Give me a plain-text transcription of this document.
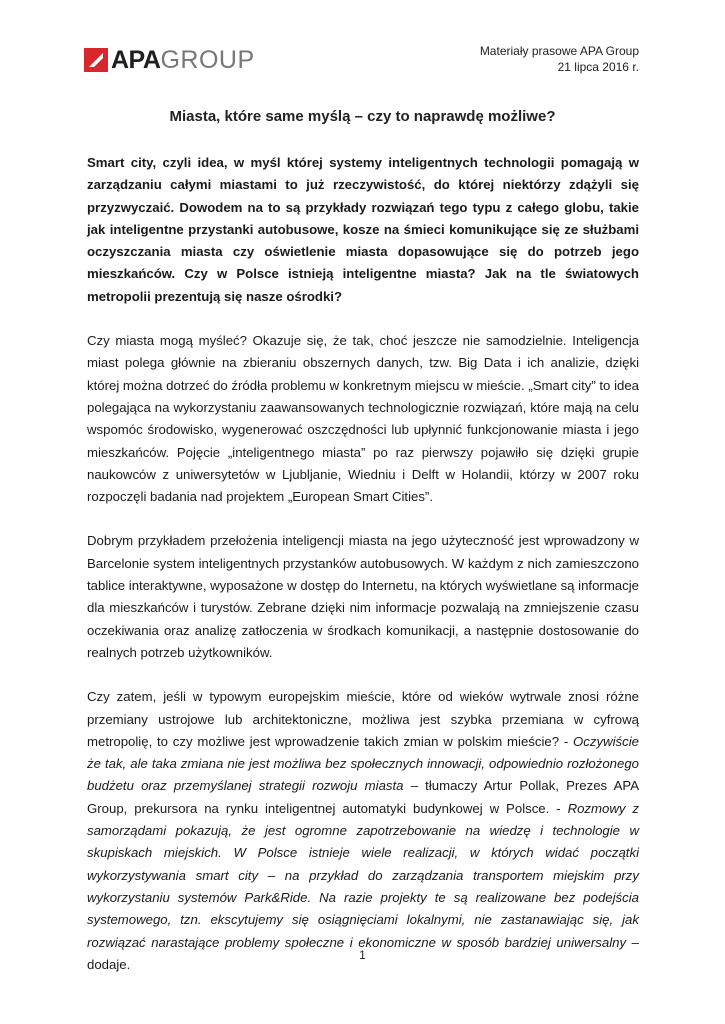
APAGROUP	Materiały prasowe APA Group
21 lipca 2016 r.
Miasta, które same myślą – czy to naprawdę możliwe?

Smart city, czyli idea, w myśl której systemy inteligentnych technologii pomagają w zarządzaniu całymi miastami to już rzeczywistość, do której niektórzy zdążyli się przyzwyczaić. Dowodem na to są przykłady rozwiązań tego typu z całego globu, takie jak inteligentne przystanki autobusowe, kosze na śmieci komunikujące się ze służbami oczyszczania miasta czy oświetlenie miasta dopasowujące się do potrzeb jego mieszkańców. Czy w Polsce istnieją inteligentne miasta? Jak na tle światowych metropolii prezentują się nasze ośrodki?

Czy miasta mogą myśleć? Okazuje się, że tak, choć jeszcze nie samodzielnie. Inteligencja miast polega głównie na zbieraniu obszernych danych, tzw. Big Data i ich analizie, dzięki której można dotrzeć do źródła problemu w konkretnym miejscu w mieście. „Smart city” to idea polegająca na wykorzystaniu zaawansowanych technologicznie rozwiązań, które mają na celu wspomóc środowisko, wygenerować oszczędności lub upłynnić funkcjonowanie miasta i jego mieszkańców. Pojęcie „inteligentnego miasta” po raz pierwszy pojawiło się dzięki grupie naukowców z uniwersytetów w Ljubljanie, Wiedniu i Delft w Holandii, którzy w 2007 roku rozpoczęli badania nad projektem „European Smart Cities”.

Dobrym przykładem przełożenia inteligencji miasta na jego użyteczność jest wprowadzony w Barcelonie system inteligentnych przystanków autobusowych. W każdym z nich zamieszczono tablice interaktywne, wyposażone w dostęp do Internetu, na których wyświetlane są informacje dla mieszkańców i turystów. Zebrane dzięki nim informacje pozwalają na zmniejszenie czasu oczekiwania oraz analizę zatłoczenia w środkach komunikacji, a następnie dostosowanie do realnych potrzeb użytkowników.

Czy zatem, jeśli w typowym europejskim mieście, które od wieków wytrwale znosi różne przemiany ustrojowe lub architektoniczne, możliwa jest szybka przemiana w cyfrową metropolię, to czy możliwe jest wprowadzenie takich zmian w polskim mieście? - Oczywiście że tak, ale taka zmiana nie jest możliwa bez społecznych innowacji, odpowiednio rozłożonego budżetu oraz przemyślanej strategii rozwoju miasta – tłumaczy Artur Pollak, Prezes APA Group, prekursora na rynku inteligentnej automatyki budynkowej w Polsce. - Rozmowy z samorządami pokazują, że jest ogromne zapotrzebowanie na wiedzę i technologie w skupiskach miejskich. W Polsce istnieje wiele realizacji, w których widać początki wykorzystywania smart city – na przykład do zarządzania transportem miejskim przy wykorzystaniu systemów Park&Ride. Na razie projekty te są realizowane bez podejścia systemowego, tzn. ekscytujemy się osiągnięciami lokalnymi, nie zastanawiając się, jak rozwiązać narastające problemy społeczne i ekonomiczne w sposób bardziej uniwersalny – dodaje.

1
